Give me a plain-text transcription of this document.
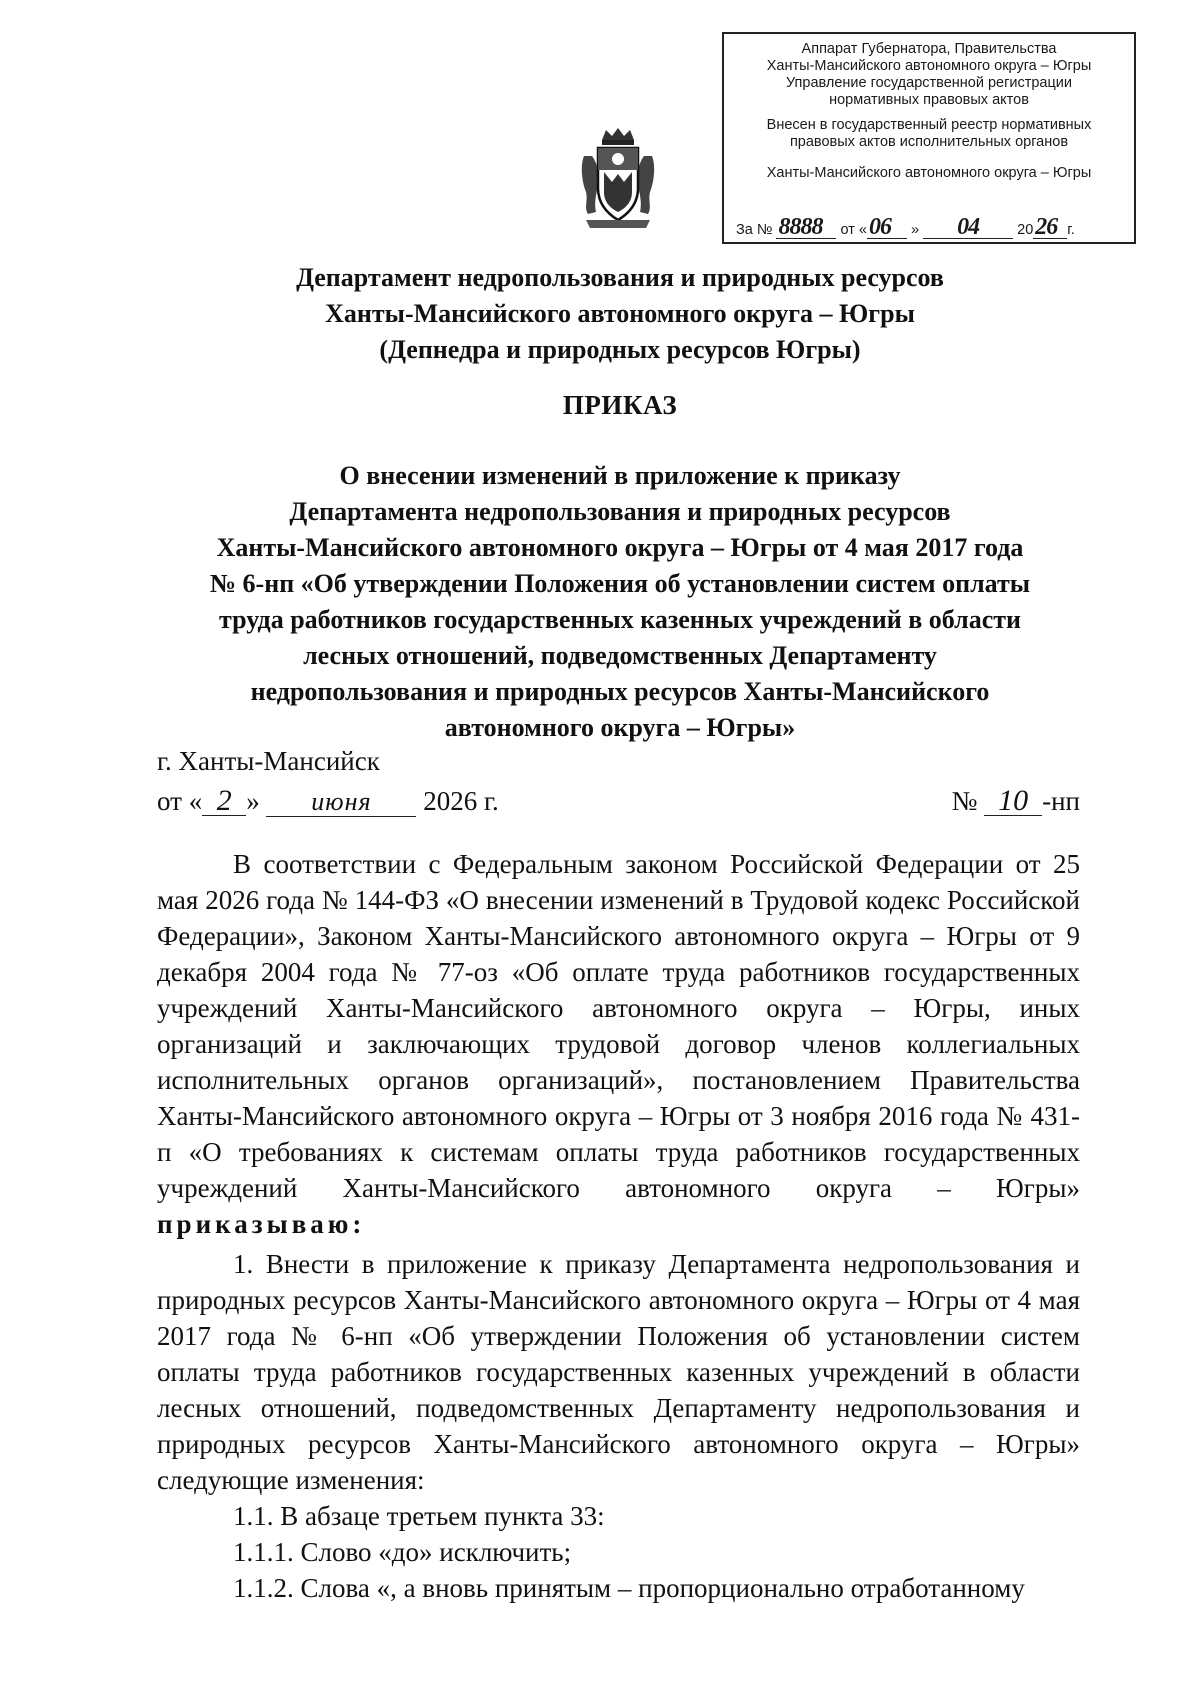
Аппарат Губернатора, Правительства

Ханты-Мансийского автономного округа – Югры

Управление государственной регистрации

нормативных правовых актов

Внесен в государственный реестр нормативных

правовых актов исполнительных органов

Ханты-Мансийского автономного округа – Югры

За № 8888 от «06 » 04	2026 г.
Департамент недропользования и природных ресурсов
Ханты-Мансийского автономного округа – Югры
(Депнедра и природных ресурсов Югры)
ПРИКАЗ
О внесении изменений в приложение к приказу
Департамента недропользования и природных ресурсов
Ханты-Мансийского автономного округа – Югры от 4 мая 2017 года
№ 6-нп «Об утверждении Положения об установлении систем оплаты
труда работников государственных казенных учреждений в области
лесных отношений, подведомственных Департаменту
недропользования и природных ресурсов Ханты-Мансийского
автономного округа – Югры»
г. Ханты-Мансийск
от « 2 » июня 2026 г.	№ 10 -нп

В соответствии с Федеральным законом Российской Федерации от 25 мая 2026 года № 144-ФЗ «О внесении изменений в Трудовой кодекс Российской Федерации», Законом Ханты-Мансийского автономного округа – Югры от 9 декабря 2004 года № 77-оз «Об оплате труда работников государственных учреждений Ханты-Мансийского автономного округа – Югры, иных организаций и заключающих трудовой договор членов коллегиальных исполнительных органов организаций», постановлением Правительства Ханты-Мансийского автономного округа – Югры от 3 ноября 2016 года № 431-п «О требованиях к системам оплаты труда работников государственных учреждений Ханты-Мансийского автономного округа – Югры» приказываю:

1. Внести в приложение к приказу Департамента недропользования и природных ресурсов Ханты-Мансийского автономного округа – Югры от 4 мая 2017 года № 6-нп «Об утверждении Положения об установлении систем оплаты труда работников государственных казенных учреждений в области лесных отношений, подведомственных Департаменту недропользования и природных ресурсов Ханты-Мансийского автономного округа – Югры» следующие изменения:

1.1. В абзаце третьем пункта 33:

1.1.1. Слово «до» исключить;

1.1.2. Слова «, а вновь принятым – пропорционально отработанному
